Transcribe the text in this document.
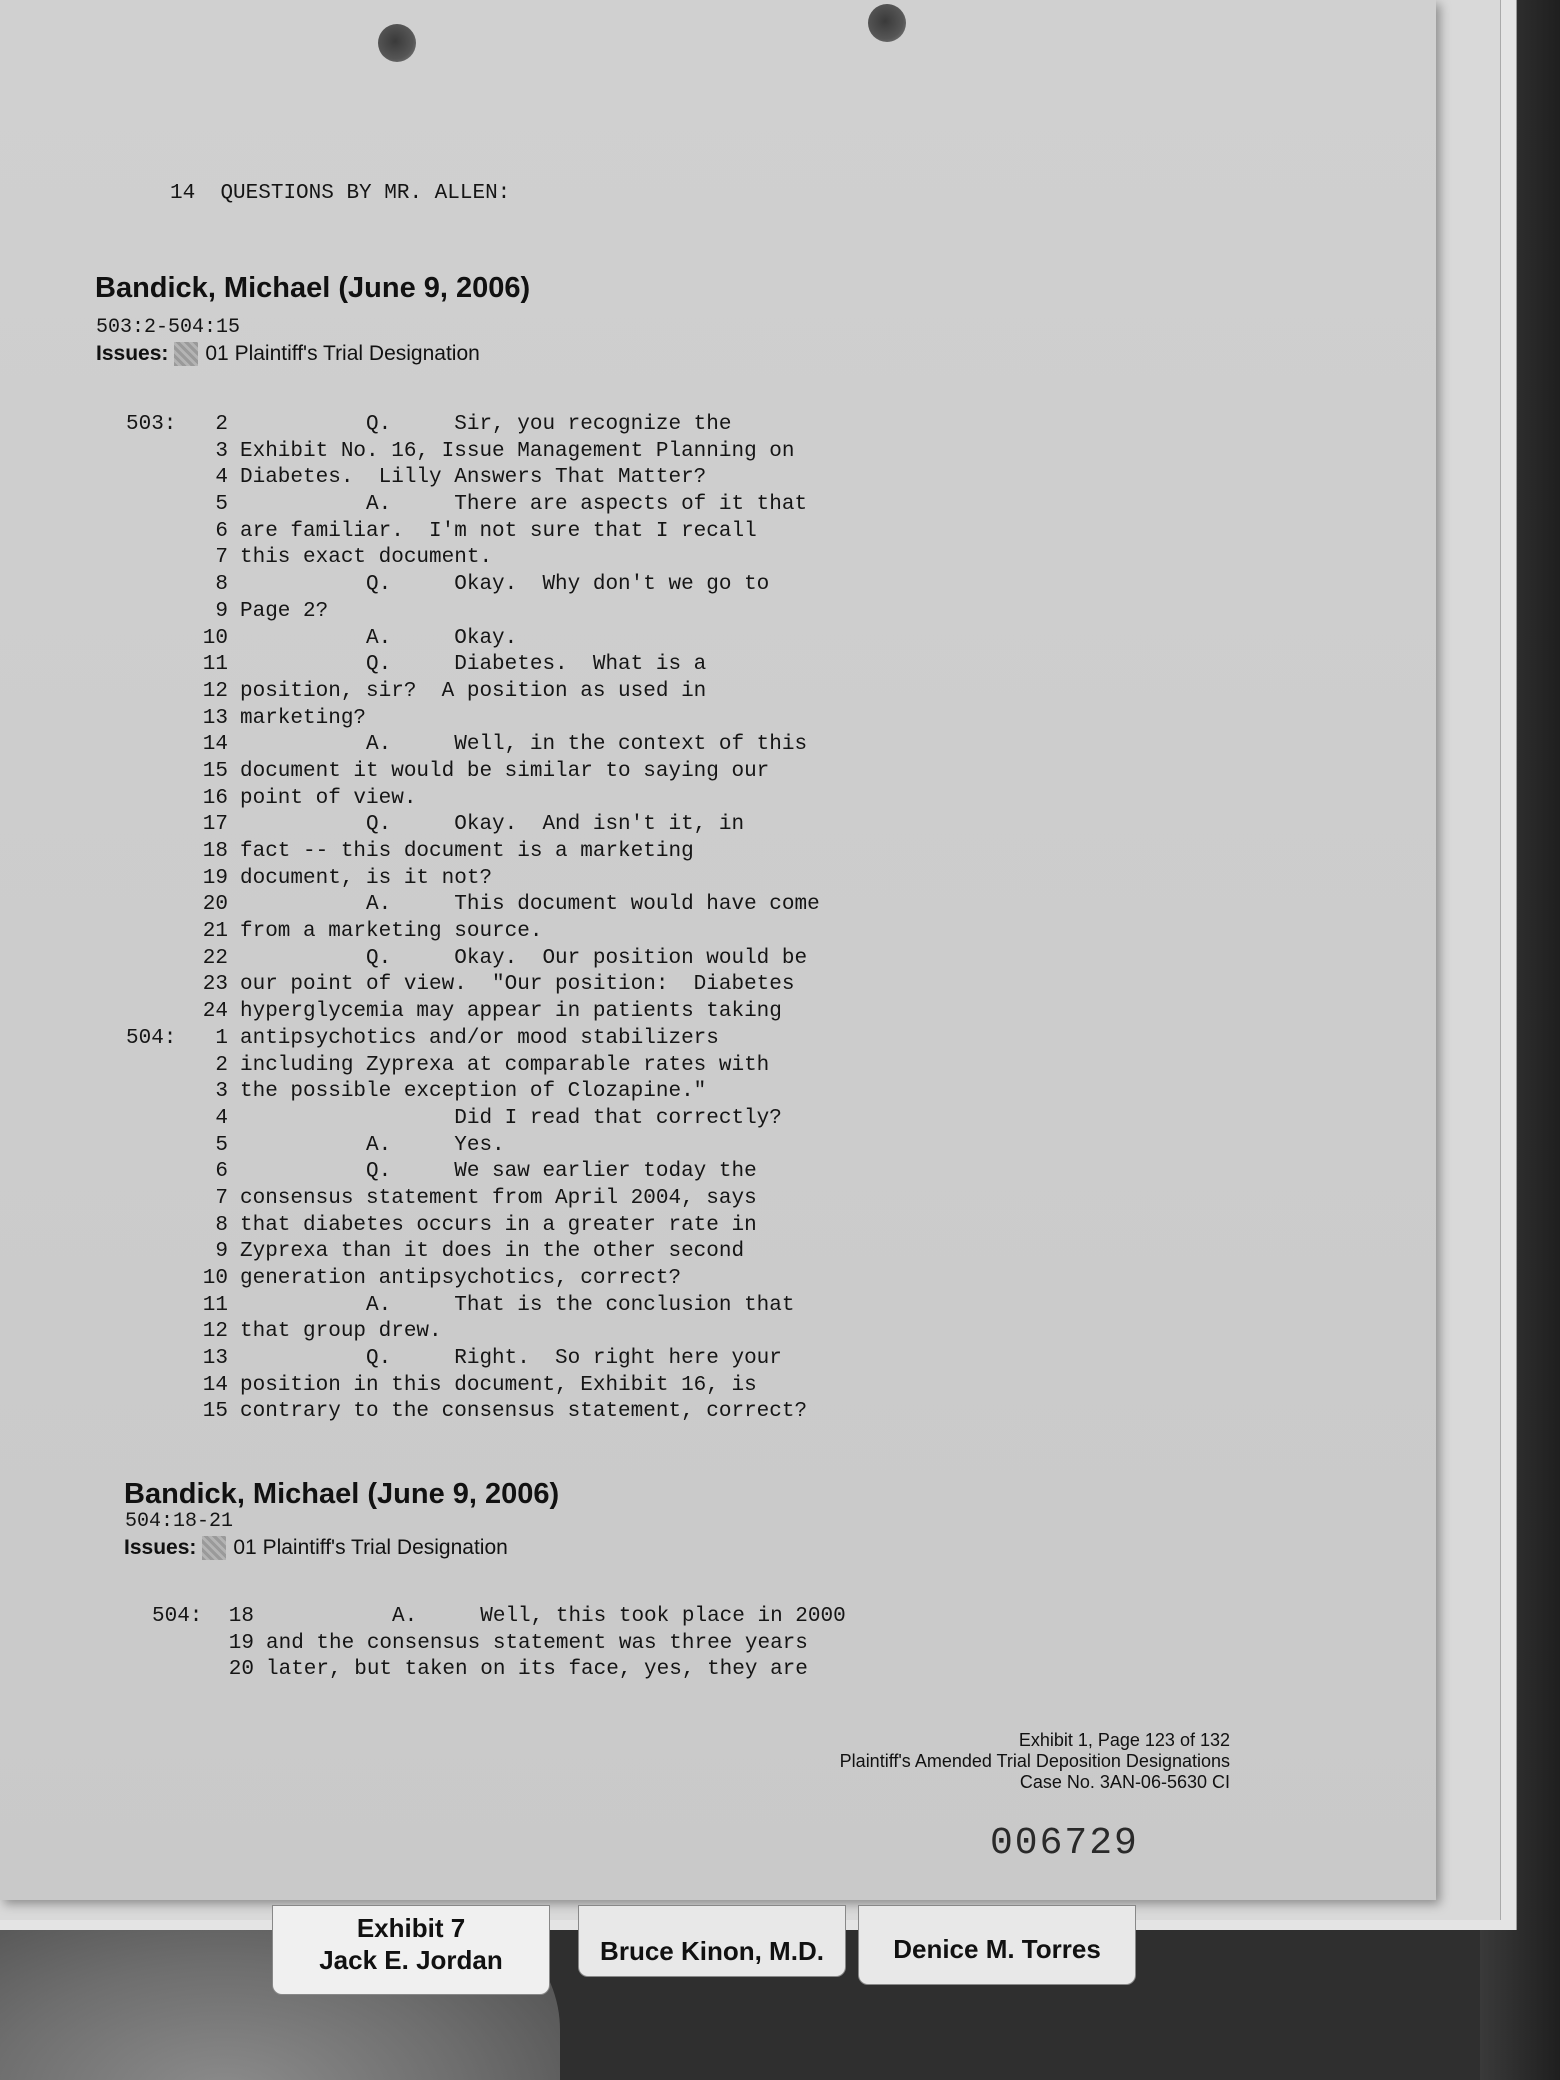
14 QUESTIONS BY MR. ALLEN:
Bandick, Michael (June 9, 2006)
503:2-504:15
Issues: 01 Plaintiff's Trial Designation
503:	2 Q.     Sir, you recognize the
3 Exhibit No. 16, Issue Management Planning on
4 Diabetes.  Lilly Answers That Matter?
5 A.     There are aspects of it that
6 are familiar.  I'm not sure that I recall
7 this exact document.
8 Q.     Okay.  Why don't we go to
9 Page 2?
10 A.     Okay.
11 Q.     Diabetes.  What is a
12 position, sir?  A position as used in
13 marketing?
14 A.     Well, in the context of this
15 document it would be similar to saying our
16 point of view.
17 Q.     Okay.  And isn't it, in
18 fact -- this document is a marketing
19 document, is it not?
20 A.     This document would have come
21 from a marketing source.
22 Q.     Okay.  Our position would be
23 our point of view.  "Our position:  Diabetes
24 hyperglycemia may appear in patients taking
504:	1 antipsychotics and/or mood stabilizers
2 including Zyprexa at comparable rates with
3 the possible exception of Clozapine."
4 Did I read that correctly?
5 A.     Yes.
6 Q.     We saw earlier today the
7 consensus statement from April 2004, says
8 that diabetes occurs in a greater rate in
9 Zyprexa than it does in the other second
10 generation antipsychotics, correct?
11 A.     That is the conclusion that
12 that group drew.
13 Q.     Right.  So right here your
14 position in this document, Exhibit 16, is
15 contrary to the consensus statement, correct?
Bandick, Michael (June 9, 2006)
504:18-21
Issues: 01 Plaintiff's Trial Designation
504:	18 A.     Well, this took place in 2000
19 and the consensus statement was three years
20 later, but taken on its face, yes, they are
Exhibit 1, Page 123 of 132
Plaintiff's Amended Trial Deposition Designations
Case No. 3AN-06-5630 CI
006729
Exhibit 7
Jack E. Jordan	Bruce Kinon, M.D.	Denice M. Torres
